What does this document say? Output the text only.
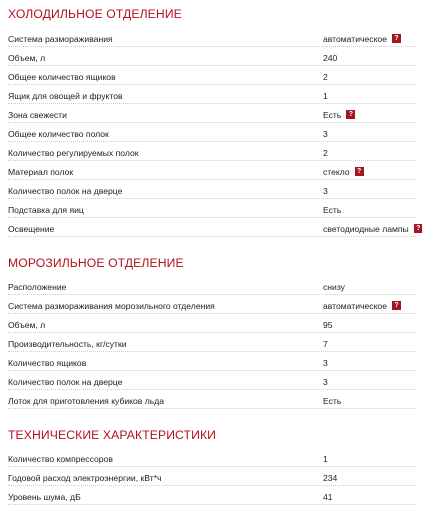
ХОЛОДИЛЬНОЕ ОТДЕЛЕНИЕ
Система размораживания	автоматическое ?
Объем, л	240
Общее количество ящиков	2
Ящик для овощей и фруктов	1
Зона свежести	Есть ?
Общее количество полок	3
Количество регулируемых полок	2
Материал полок	стекло ?
Количество полок на дверце	3
Подставка для яиц	Есть
Освещение	светодиодные лампы ?
МОРОЗИЛЬНОЕ ОТДЕЛЕНИЕ
Расположение	снизу
Система размораживания морозильного отделения	автоматическое ?
Объем, л	95
Производительность, кг/сутки	7
Количество ящиков	3
Количество полок на дверце	3
Лоток для приготовления кубиков льда	Есть
ТЕХНИЧЕСКИЕ ХАРАКТЕРИСТИКИ
Количество компрессоров	1
Годовой расход электроэнергии, кВт*ч	234
Уровень шума, дБ	41
